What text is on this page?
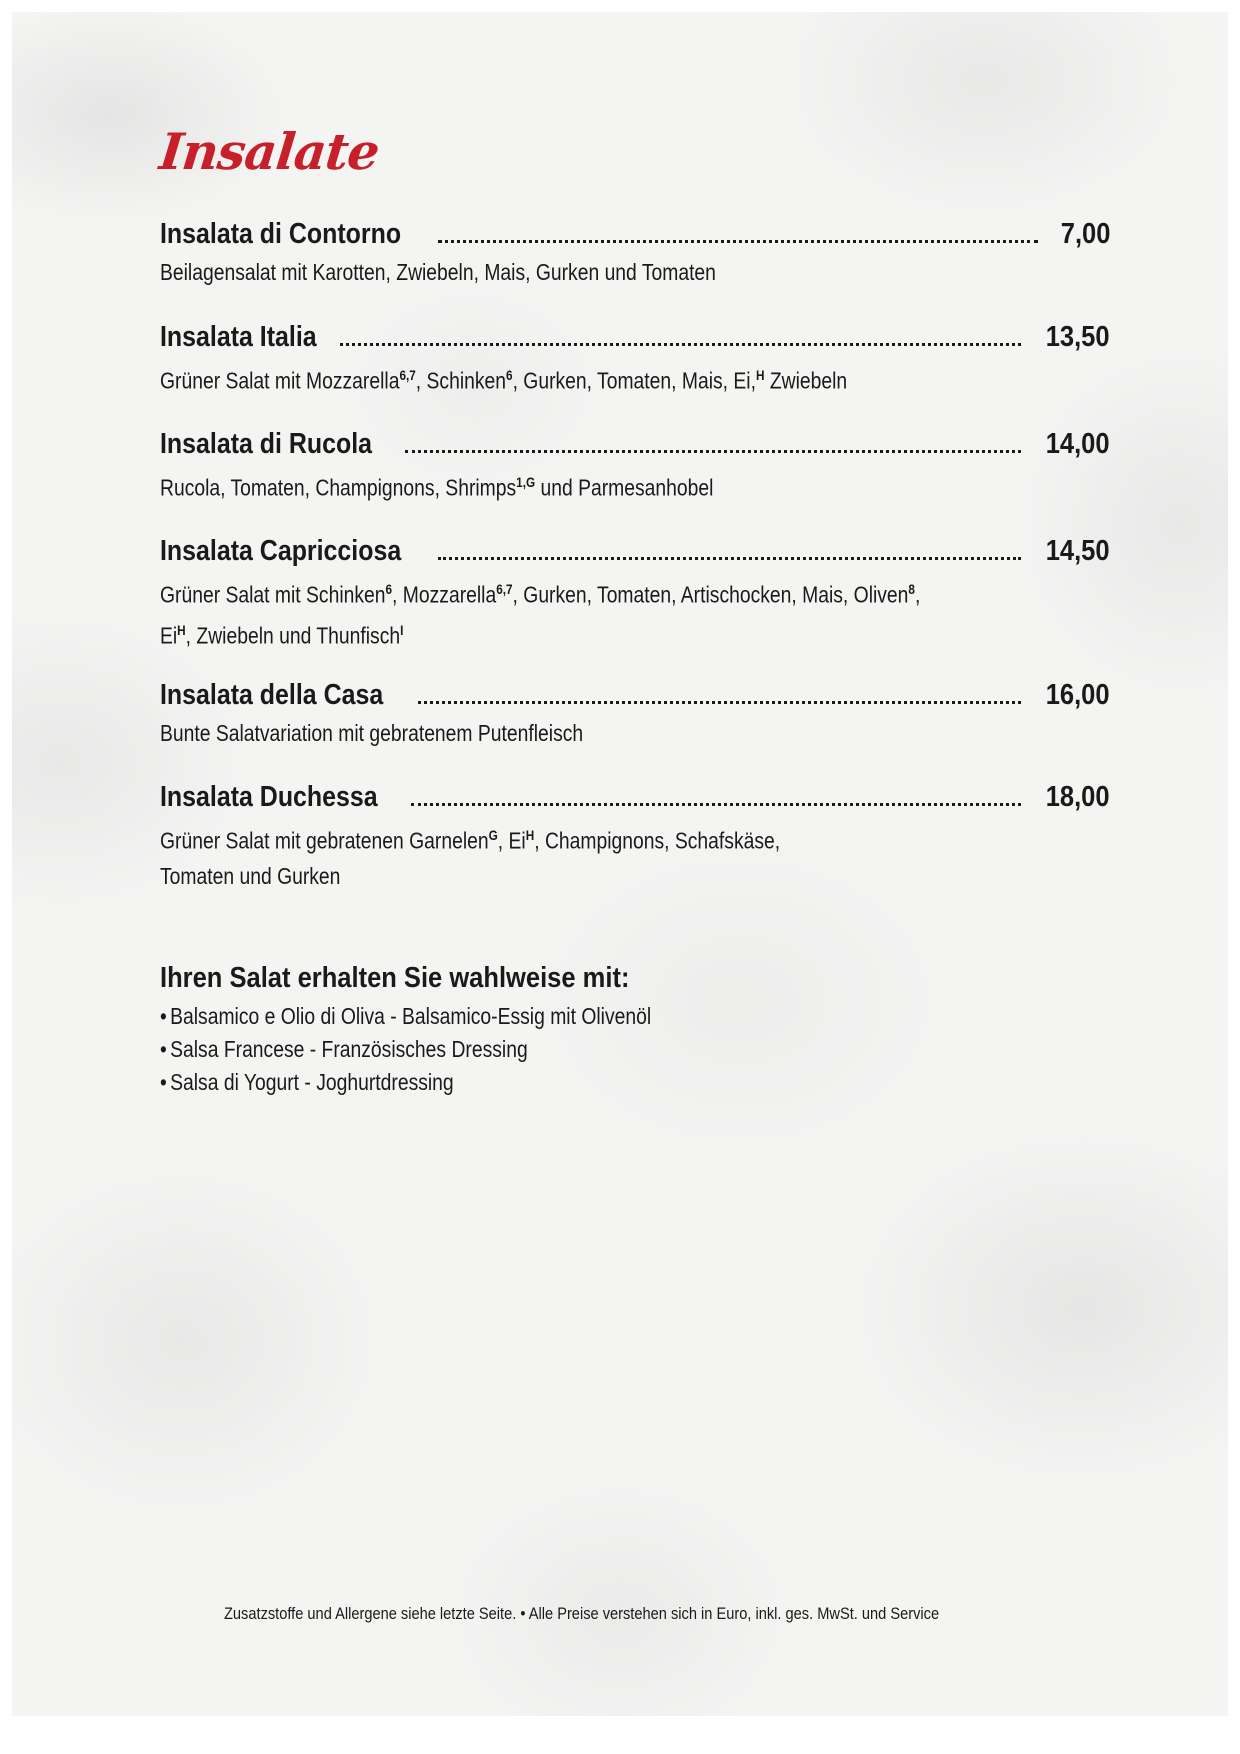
Insalate
Insalata di Contorno	7,00
Beilagensalat mit Karotten, Zwiebeln, Mais, Gurken und Tomaten
Insalata Italia	13,50
Grüner Salat mit Mozzarella$^{6,7}$, Schinken$^6$, Gurken, Tomaten, Mais, Ei,$^H$ Zwiebeln
Insalata di Rucola	14,00
Rucola, Tomaten, Champignons, Shrimps$^{1,G}$ und Parmesanhobel
Insalata Capricciosa	14,50
Grüner Salat mit Schinken$^6$, Mozzarella$^{6,7}$, Gurken, Tomaten, Artischocken, Mais, Oliven$^8$,
$Ei^H$, Zwiebeln und Thunfisch$^I$
Insalata della Casa	16,00
Bunte Salatvariation mit gebratenem Putenfleisch
Insalata Duchessa	18,00
Grüner Salat mit gebratenen Garnelen$^G$, $Ei^H$, Champignons, Schafskäse,
Tomaten und Gurken
Ihren Salat erhalten Sie wahlweise mit:
• Balsamico e Olio di Oliva - Balsamico-Essig mit Olivenöl
• Salsa Francese - Französisches Dressing
• Salsa di Yogurt - Joghurtdressing
Zusatzstoffe und Allergene siehe letzte Seite. • Alle Preise verstehen sich in Euro, inkl. ges. MwSt. und Service
